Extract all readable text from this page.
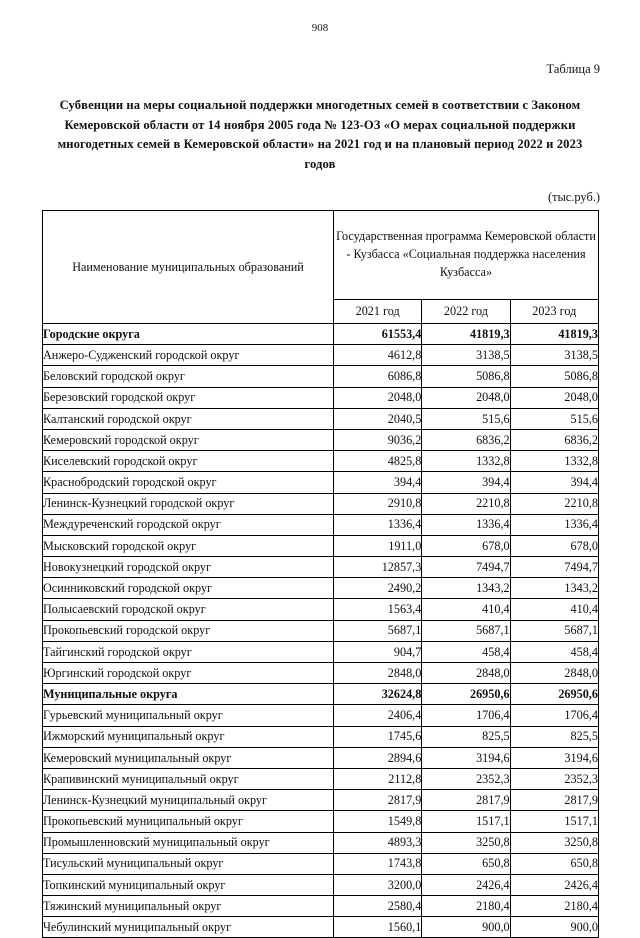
908
Таблица 9
Субвенции на меры социальной поддержки многодетных семей в соответствии с Законом Кемеровской области от 14 ноября 2005 года № 123-ОЗ «О мерах социальной поддержки многодетных семей в Кемеровской области» на 2021 год и на плановый период 2022 и 2023 годов
(тыс.руб.)
Наименование муниципальных образований	Государственная программа Кемеровской области - Кузбасса «Социальная поддержка населения Кузбасса»		
	2021 год	2022 год	2023 год
Городские округа	61553,4	41819,3	41819,3
Анжеро-Судженский городской округ	4612,8	3138,5	3138,5
Беловский городской округ	6086,8	5086,8	5086,8
Березовский городской округ	2048,0	2048,0	2048,0
Калтанский городской округ	2040,5	515,6	515,6
Кемеровский городской округ	9036,2	6836,2	6836,2
Киселевский городской округ	4825,8	1332,8	1332,8
Краснобродский городской округ	394,4	394,4	394,4
Ленинск-Кузнецкий городской округ	2910,8	2210,8	2210,8
Междуреченский городской округ	1336,4	1336,4	1336,4
Мысковский городской округ	1911,0	678,0	678,0
Новокузнецкий городской округ	12857,3	7494,7	7494,7
Осинниковский городской округ	2490,2	1343,2	1343,2
Полысаевский городской округ	1563,4	410,4	410,4
Прокопьевский городской округ	5687,1	5687,1	5687,1
Тайгинский городской округ	904,7	458,4	458,4
Юргинский городской округ	2848,0	2848,0	2848,0
Муниципальные округа	32624,8	26950,6	26950,6
Гурьевский муниципальный округ	2406,4	1706,4	1706,4
Ижморский муниципальный округ	1745,6	825,5	825,5
Кемеровский муниципальный округ	2894,6	3194,6	3194,6
Крапивинский муниципальный округ	2112,8	2352,3	2352,3
Ленинск-Кузнецкий муниципальный округ	2817,9	2817,9	2817,9
Прокопьевский муниципальный округ	1549,8	1517,1	1517,1
Промышленновский муниципальный округ	4893,3	3250,8	3250,8
Тисульский муниципальный округ	1743,8	650,8	650,8
Топкинский муниципальный округ	3200,0	2426,4	2426,4
Тяжинский муниципальный округ	2580,4	2180,4	2180,4
Чебулинский муниципальный округ	1560,1	900,0	900,0
